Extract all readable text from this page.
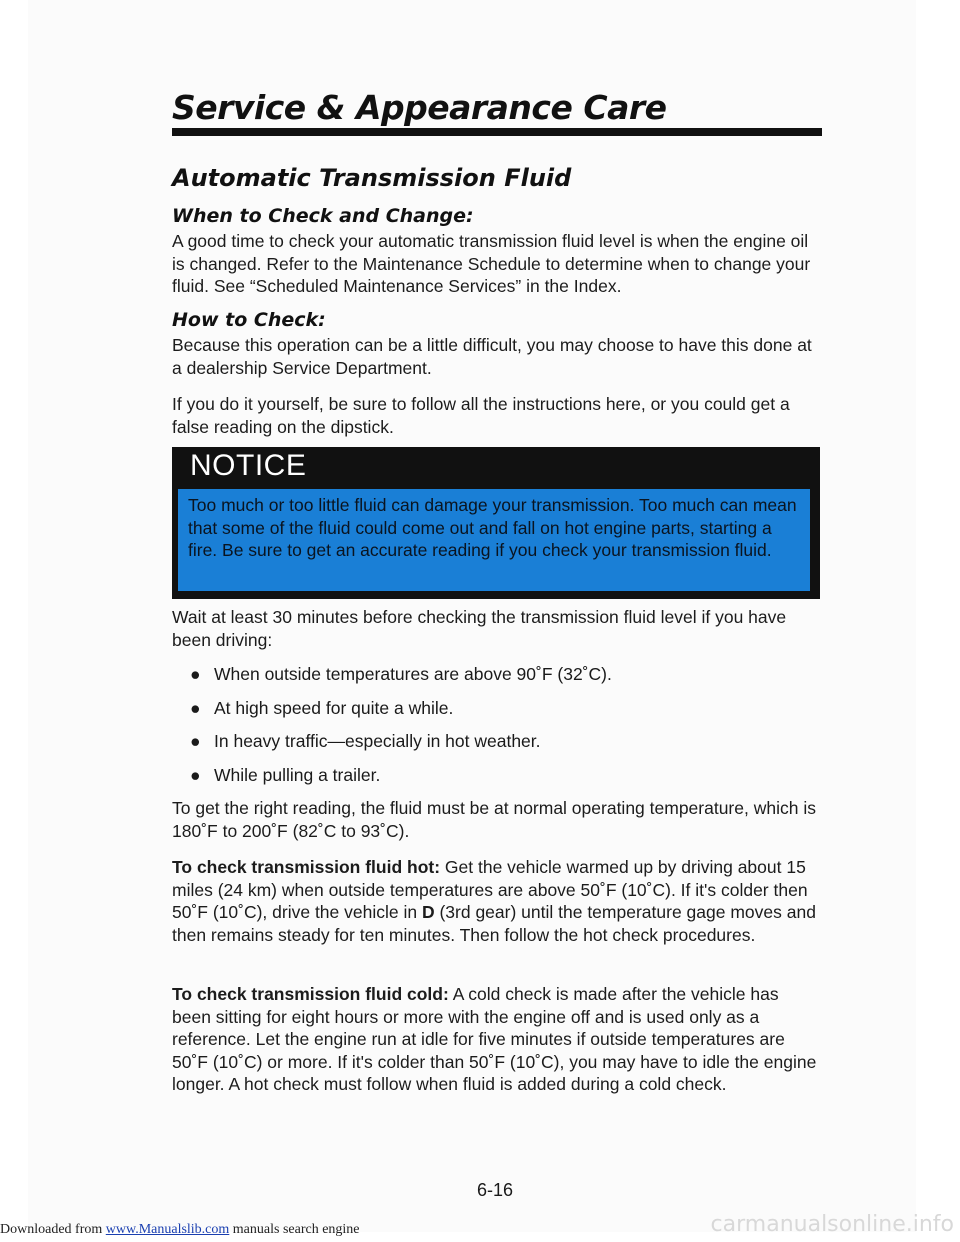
Service & Appearance Care
Automatic Transmission Fluid
When to Check and Change:
A good time to check your automatic transmission fluid level is when the engine oil is changed. Refer to the Maintenance Schedule to determine when to change your fluid. See “Scheduled Maintenance Services” in the Index.
How to Check:
Because this operation can be a little difficult, you may choose to have this done at a dealership Service Department.
If you do it yourself, be sure to follow all the instructions here, or you could get a false reading on the dipstick.
NOTICE
Too much or too little fluid can damage your transmission. Too much can mean that some of the fluid could come out and fall on hot engine parts, starting a fire. Be sure to get an accurate reading if you check your transmission fluid.
Wait at least 30 minutes before checking the transmission fluid level if you have been driving:
● When outside temperatures are above 90˚F (32˚C).
● At high speed for quite a while.
● In heavy traffic—especially in hot weather.
● While pulling a trailer.
To get the right reading, the fluid must be at normal operating temperature, which is 180˚F to 200˚F (82˚C to 93˚C).
To check transmission fluid hot: Get the vehicle warmed up by driving about 15 miles (24 km) when outside temperatures are above 50˚F (10˚C). If it's colder then 50˚F (10˚C), drive the vehicle in D (3rd gear) until the temperature gage moves and then remains steady for ten minutes. Then follow the hot check procedures.
To check transmission fluid cold: A cold check is made after the vehicle has been sitting for eight hours or more with the engine off and is used only as a reference. Let the engine run at idle for five minutes if outside temperatures are 50˚F (10˚C) or more. If it's colder than 50˚F (10˚C), you may have to idle the engine longer. A hot check must follow when fluid is added during a cold check.
6-16
Downloaded from www.Manualslib.com manuals search engine	carmanualsonline.info
